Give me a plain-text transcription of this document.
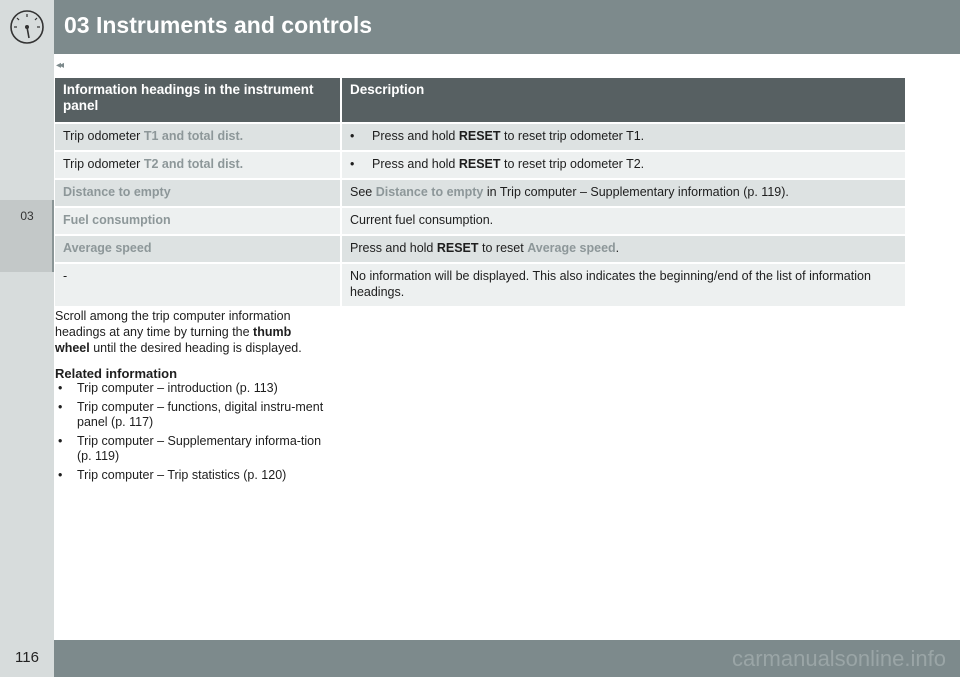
03 Instruments and controls
03
◂◂
Information headings in the instrument panel	Description
Trip odometer T1 and total dist.	• Press and hold RESET to reset trip odometer T1.
Trip odometer T2 and total dist.	• Press and hold RESET to reset trip odometer T2.
Distance to empty	See Distance to empty in Trip computer – Supplementary information (p. 119).
Fuel consumption	Current fuel consumption.
Average speed	Press and hold RESET to reset Average speed.
-	No information will be displayed. This also indicates the beginning/end of the list of information headings.
Scroll among the trip computer information headings at any time by turning the thumb wheel until the desired heading is displayed.
Related information
• Trip computer – introduction (p. 113)
• Trip computer – functions, digital instru-ment panel (p. 117)
• Trip computer – Supplementary informa-tion (p. 119)
• Trip computer – Trip statistics (p. 120)
116	carmanualsonline.info
